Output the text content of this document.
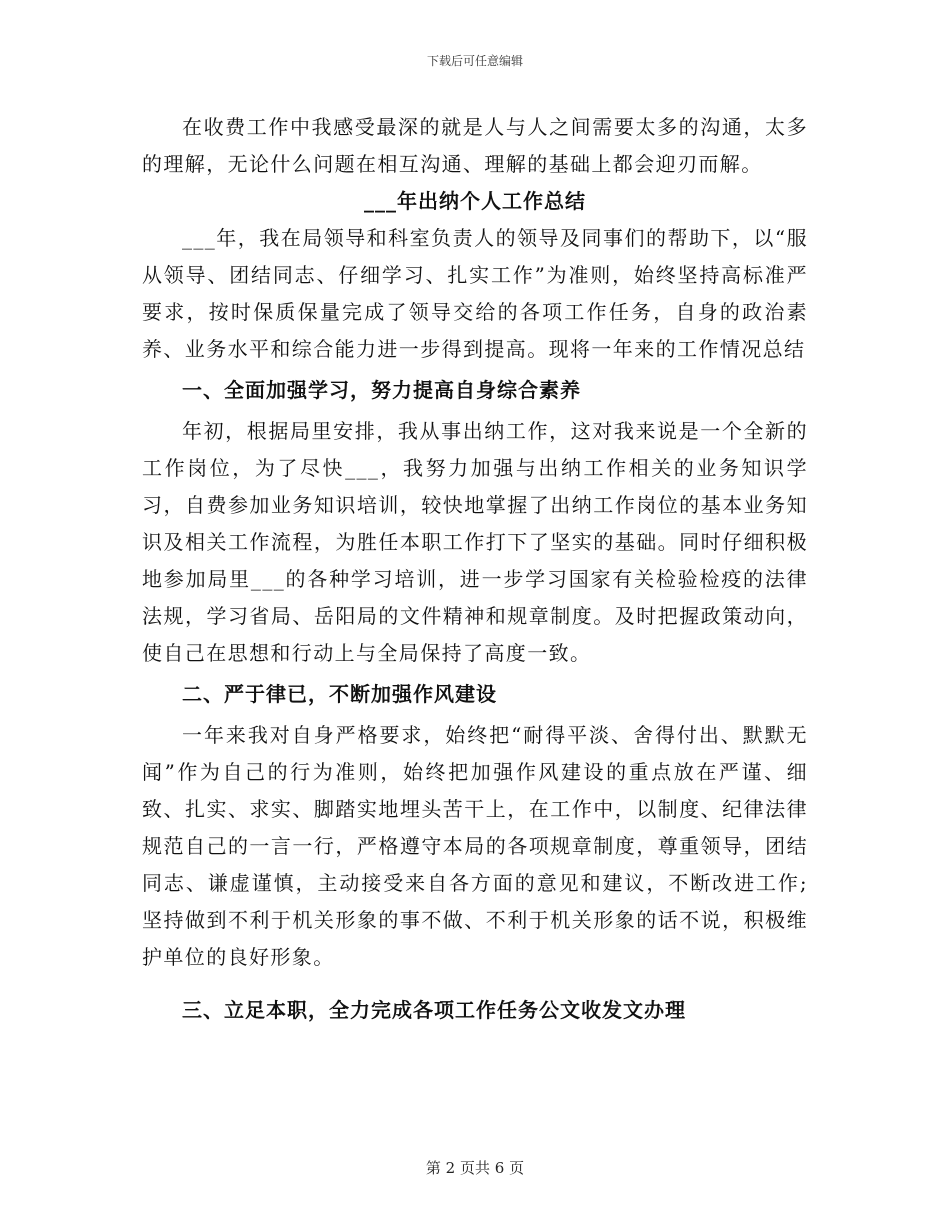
下载后可任意编辑

在收费工作中我感受最深的就是人与人之间需要太多的沟通，太多的理解，无论什么问题在相互沟通、理解的基础上都会迎刃而解。

___年出纳个人工作总结

___年，我在局领导和科室负责人的领导及同事们的帮助下，以“服从领导、团结同志、仔细学习、扎实工作”为准则，始终坚持高标准严要求，按时保质保量完成了领导交给的各项工作任务，自身的政治素养、业务水平和综合能力进一步得到提高。现将一年来的工作情况总结

一、全面加强学习，努力提高自身综合素养

年初，根据局里安排，我从事出纳工作，这对我来说是一个全新的工作岗位，为了尽快___，我努力加强与出纳工作相关的业务知识学习，自费参加业务知识培训，较快地掌握了出纳工作岗位的基本业务知识及相关工作流程，为胜任本职工作打下了坚实的基础。同时仔细积极地参加局里___的各种学习培训，进一步学习国家有关检验检疫的法律法规，学习省局、岳阳局的文件精神和规章制度。及时把握政策动向，使自己在思想和行动上与全局保持了高度一致。

二、严于律已，不断加强作风建设

一年来我对自身严格要求，始终把“耐得平淡、舍得付出、默默无闻”作为自己的行为准则，始终把加强作风建设的重点放在严谨、细致、扎实、求实、脚踏实地埋头苦干上，在工作中，以制度、纪律法律规范自己的一言一行，严格遵守本局的各项规章制度，尊重领导，团结同志、谦虚谨慎，主动接受来自各方面的意见和建议，不断改进工作;坚持做到不利于机关形象的事不做、不利于机关形象的话不说，积极维护单位的良好形象。

三、立足本职，全力完成各项工作任务公文收发文办理

第 2 页共 6 页
